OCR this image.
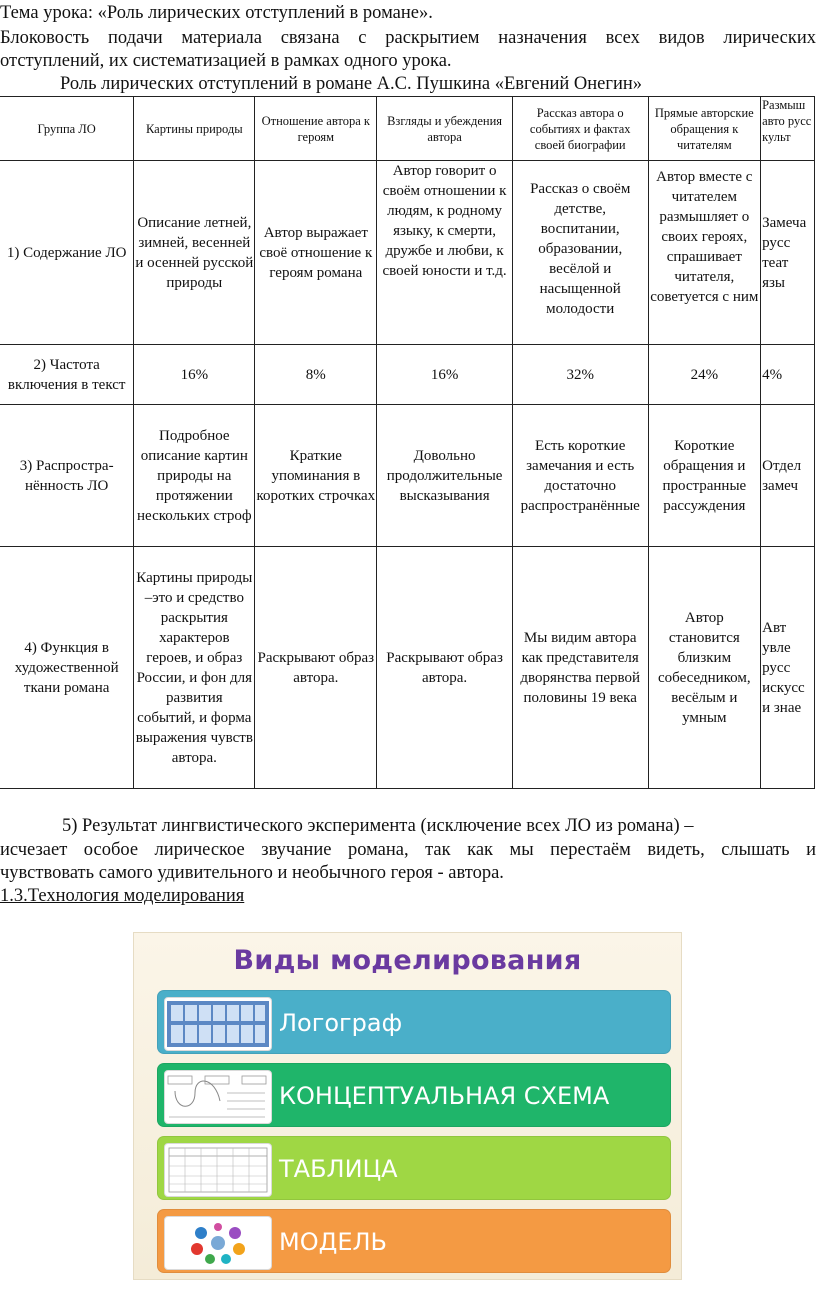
Тема урока: «Роль лирических отступлений в романе».
Блоковость подачи материала связана с раскрытием назначения всех видов лирических
отступлений, их систематизацией в рамках одного урока.
Роль лирических отступлений в романе А.С. Пушкина «Евгений Онегин»
Группа ЛО	Картины природы	Отношение автора к героям	Взгляды и убеждения автора	Рассказ автора о событиях и фактах своей биографии	Прямые авторские обращения к читателям	Размыш авто русс культ
1) Содержание ЛО	Описание летней, зимней, весенней и осенней русской природы	Автор выражает своё отношение к героям романа	Автор говорит о своём отношении к людям, к родному языку, к смерти, дружбе и любви, к своей юности и т.д.	Рассказ о своём детстве, воспитании, образовании, весёлой и насыщенной молодости	Автор вместе с читателем размышляет о своих героях, спрашивает читателя, советуется с ним	Замеча русс теат язы
2) Частота включения в текст	16%	8%	16%	32%	24%	4%
3) Распростра-нённость ЛО	Подробное описание картин природы на протяжении нескольких строф	Краткие упоминания в коротких строчках	Довольно продолжительные высказывания	Есть короткие замечания и есть достаточно распространённые	Короткие обращения и пространные рассуждения	Отдел замеч
4) Функция в художественной ткани романа	Картины природы –это и средство раскрытия характеров героев, и образ России, и фон для развития событий, и форма выражения чувств автора.	Раскрывают образ автора.	Раскрывают образ автора.	Мы видим автора как представителя дворянства первой половины 19 века	Автор становится близким собеседником, весёлым и умным	Авт увле русс искусс и знае
5) Результат лингвистического эксперимента (исключение всех ЛО из романа) –
исчезает особое лирическое звучание романа, так как мы перестаём видеть, слышать и
чувствовать самого удивительного и необычного героя - автора.
1.3.Технология моделирования
Виды моделирования
Логограф
КОНЦЕПТУАЛЬНАЯ СХЕМА
ТАБЛИЦА
МОДЕЛЬ
